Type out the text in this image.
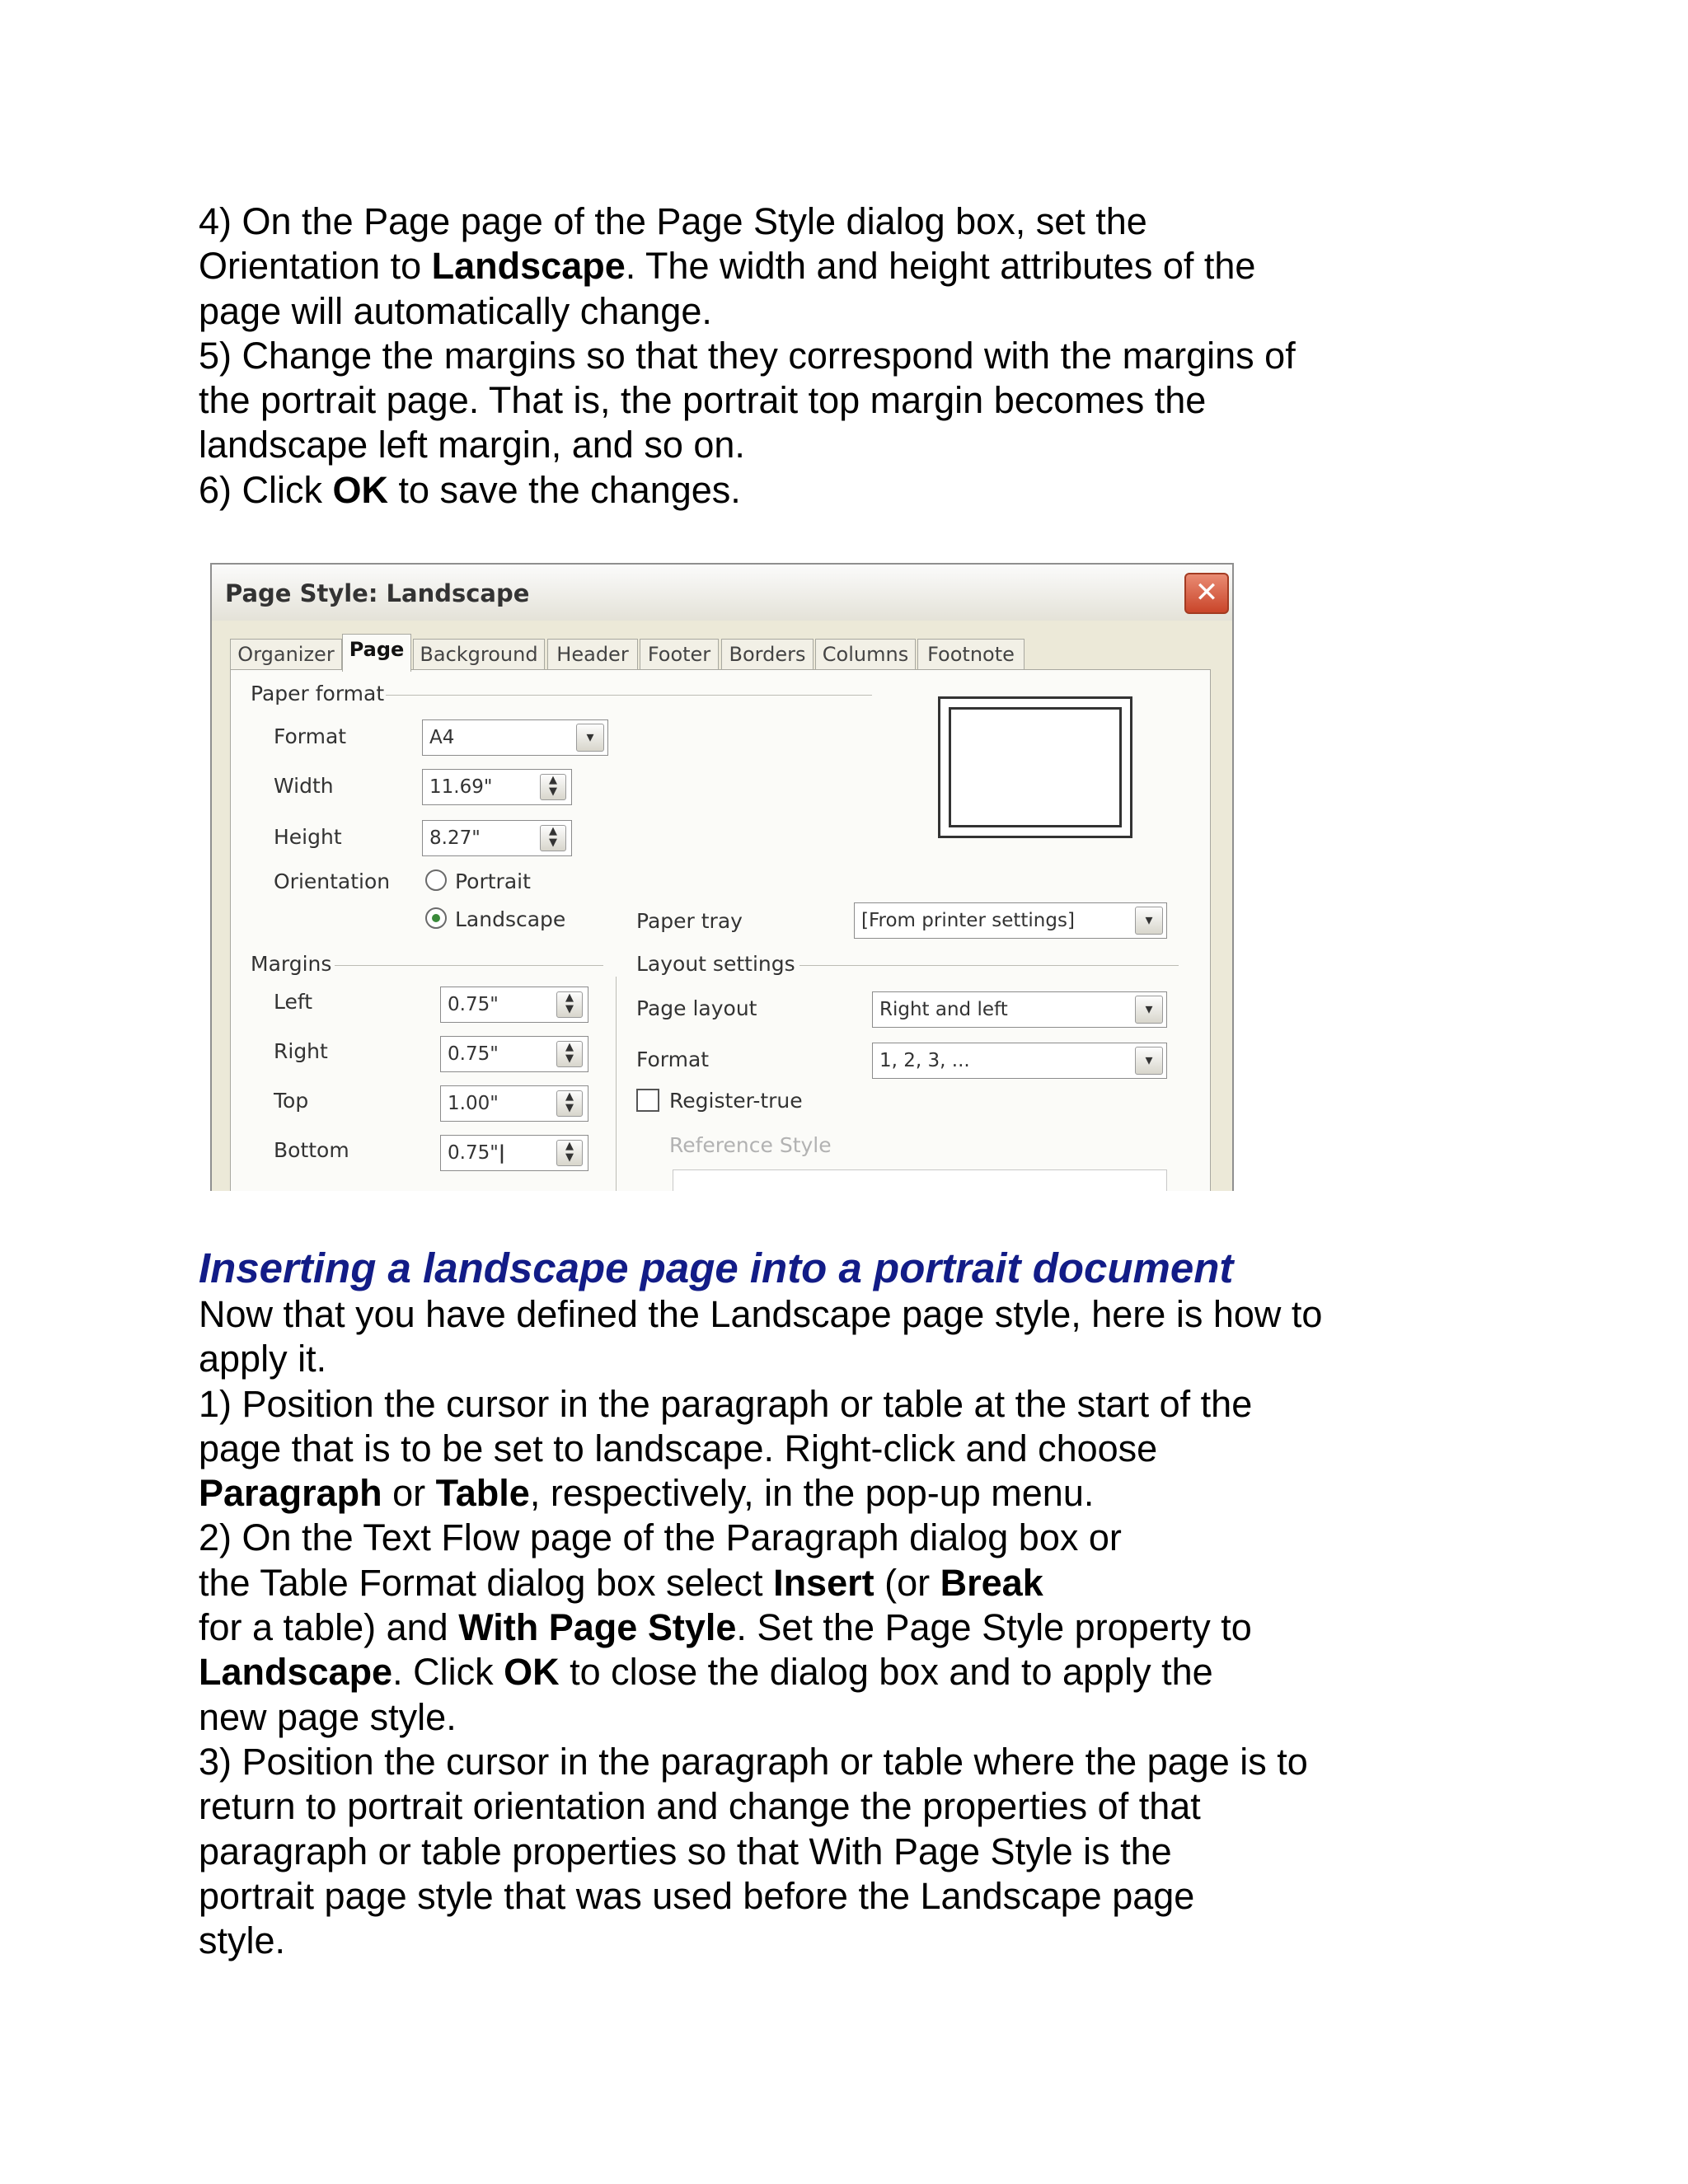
4) On the Page page of the Page Style dialog box, set the

Orientation to Landscape. The width and height attributes of the

page will automatically change.

5) Change the margins so that they correspond with the margins of

the portrait page. That is, the portrait top margin becomes the

landscape left margin, and so on.

6) Click OK to save the changes.

Page Style: Landscape	✕
Organizer Page Background Header Footer Borders Columns Footnote
Paper format
Format	A4	▾
Width	11.69"	▲
▼
Height	8.27"	▲
▼
Orientation	Portrait
Landscape	Paper tray	[From printer settings]	▾
Margins
Left	0.75"	▲
▼
Right	0.75"	▲
▼
Top	1.00"	▲
▼
Bottom	0.75"|	▲
▼
Layout settings
Page layout	Right and left	▾
Format	1, 2, 3, ...	▾
Register-true
Reference Style
Inserting a landscape page into a portrait document

Now that you have defined the Landscape page style, here is how to

apply it.

1) Position the cursor in the paragraph or table at the start of the

page that is to be set to landscape. Right-click and choose

Paragraph or Table, respectively, in the pop-up menu.

2) On the Text Flow page of the Paragraph dialog box or

the Table Format dialog box select Insert (or Break

for a table) and With Page Style. Set the Page Style property to

Landscape. Click OK to close the dialog box and to apply the

new page style.

3) Position the cursor in the paragraph or table where the page is to

return to portrait orientation and change the properties of that

paragraph or table properties so that With Page Style is the

portrait page style that was used before the Landscape page

style.
